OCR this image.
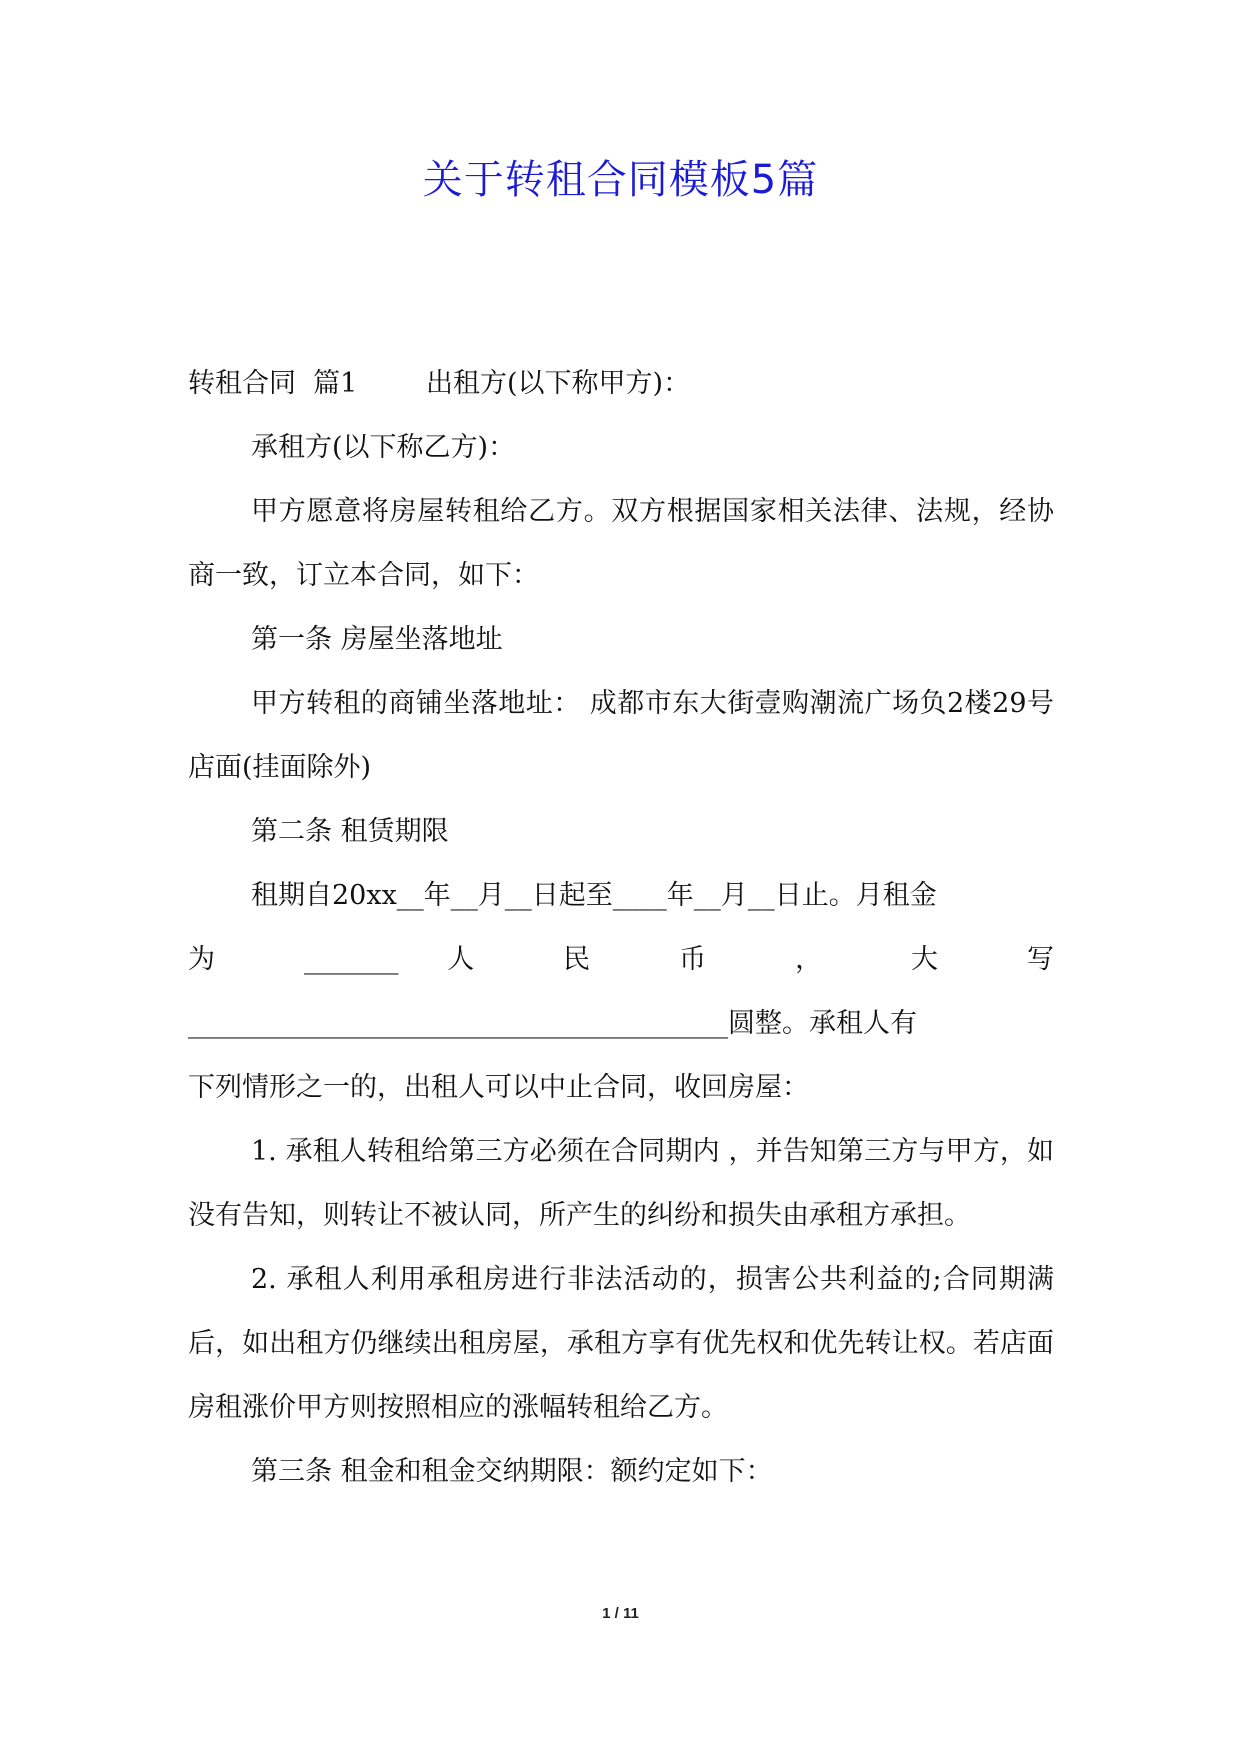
关于转租合同模板5篇

转租合同  篇1        出租方(以下称甲方)：

承租方(以下称乙方)：

甲方愿意将房屋转租给乙方。双方根据国家相关法律、法规，经协商一致，订立本合同，如下：

第一条 房屋坐落地址

甲方转租的商铺坐落地址： 成都市东大街壹购潮流广场负2楼29号店面(挂面除外)

第二条 租赁期限

租期自20xx__年__月__日起至____年__月__日止。月租金

为 _______ 人 民 币 ， 大 写

________________________________________圆整。承租人有

下列情形之一的，出租人可以中止合同，收回房屋：

1. 承租人转租给第三方必须在合同期内 ，并告知第三方与甲方，如没有告知，则转让不被认同，所产生的纠纷和损失由承租方承担。

2. 承租人利用承租房进行非法活动的，损害公共利益的;合同期满后，如出租方仍继续出租房屋，承租方享有优先权和优先转让权。若店面房租涨价甲方则按照相应的涨幅转租给乙方。

第三条 租金和租金交纳期限：额约定如下：

1 / 11
